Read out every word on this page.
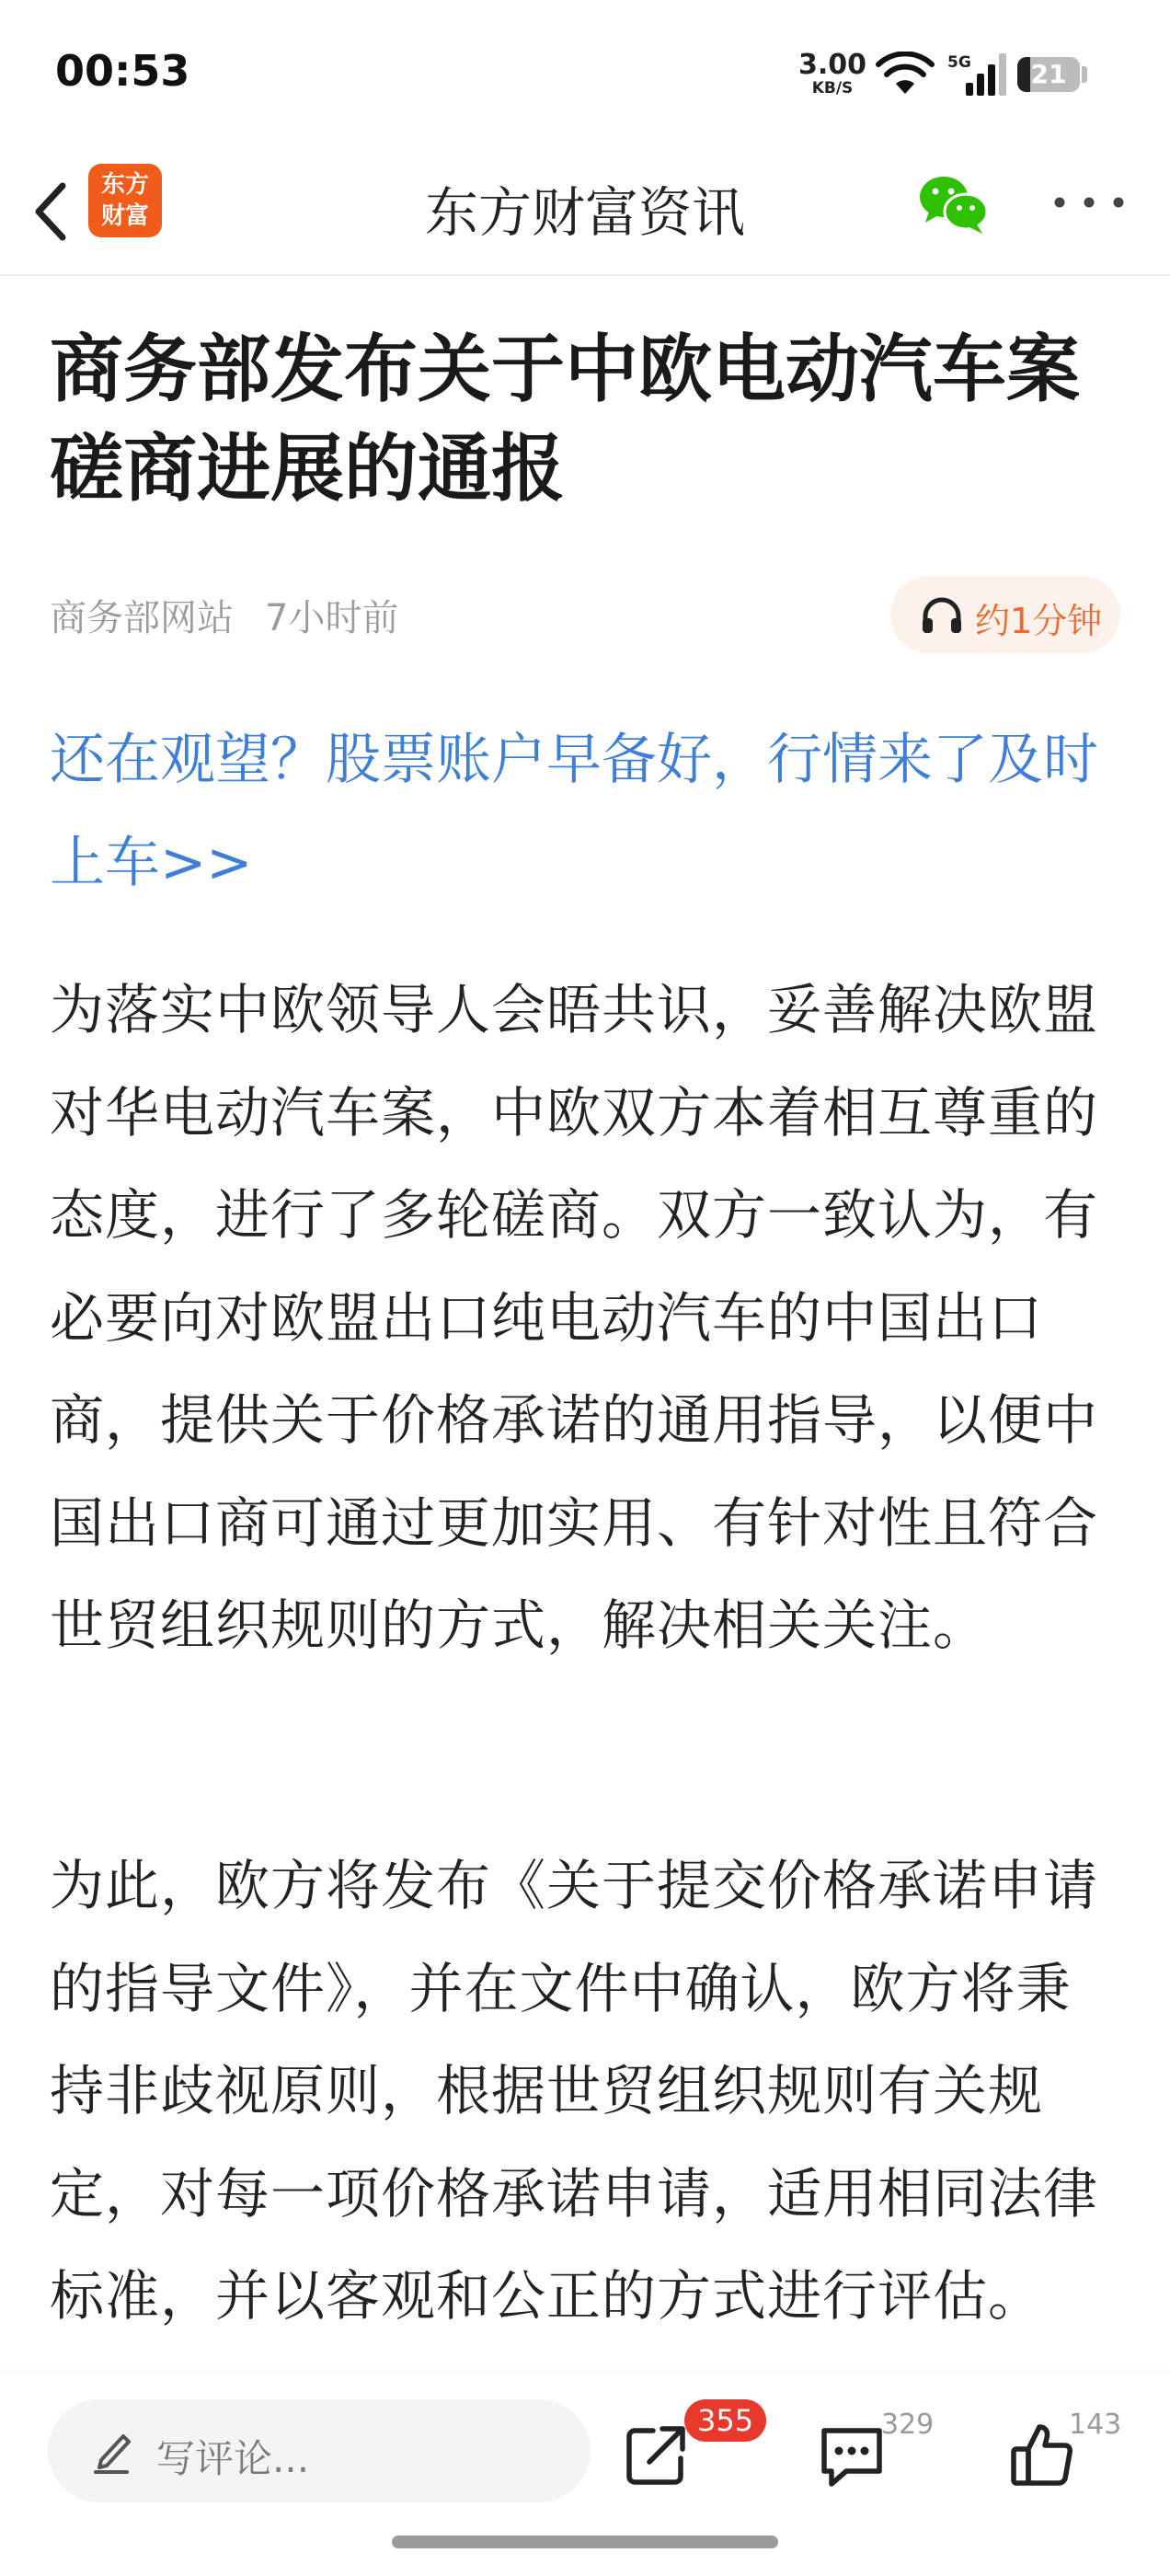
00:53	3.00
KB/S
5G	21
东方
财富	东方财富资讯
商务部发布关于中欧电动汽车案磋商进展的通报
商务部网站 7小时前	约1分钟
还在观望？股票账户早备好，行情来了及时上车>>
为落实中欧领导人会晤共识，妥善解决欧盟对华电动汽车案，中欧双方本着相互尊重的态度，进行了多轮磋商。双方一致认为，有必要向对欧盟出口纯电动汽车的中国出口商，提供关于价格承诺的通用指导，以便中国出口商可通过更加实用、有针对性且符合世贸组织规则的方式，解决相关关注。
为此，欧方将发布《关于提交价格承诺申请的指导文件》，并在文件中确认，欧方将秉持非歧视原则，根据世贸组织规则有关规定，对每一项价格承诺申请，适用相同法律标准，并以客观和公正的方式进行评估。
写评论...
355	329	143
